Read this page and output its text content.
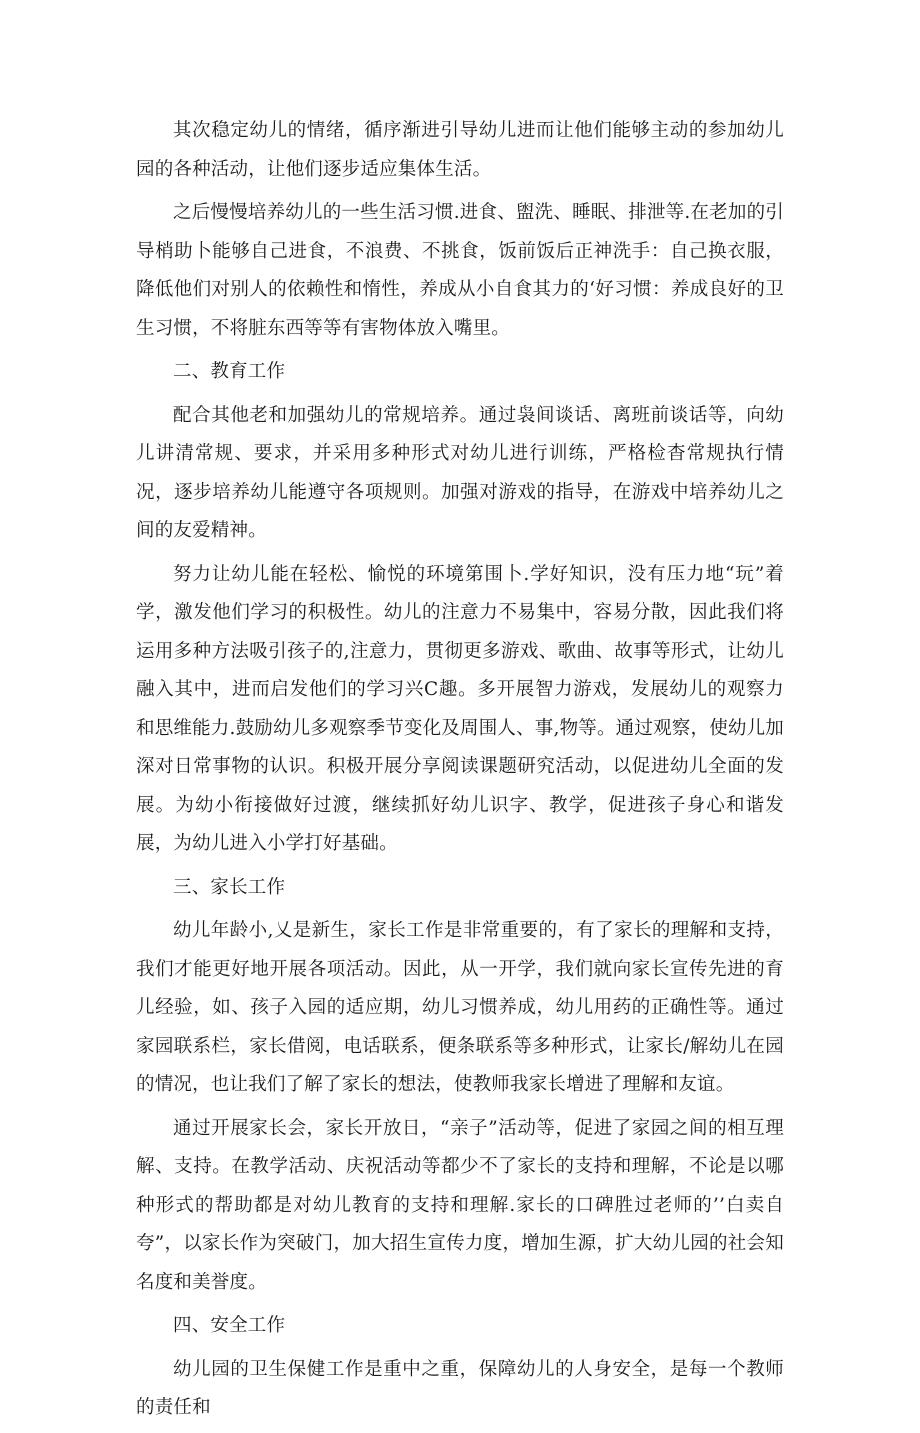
其次稳定幼儿的情绪，循序渐进引导幼儿进而让他们能够主动的参加幼儿园的各种活动，让他们逐步适应集体生活。

之后慢慢培养幼儿的一些生活习惯.进食、盥洗、睡眠、排泄等.在老加的引导梢助卜能够自己进食，不浪费、不挑食，饭前饭后正神洗手：自己换衣服，降低他们对别人的依赖性和惰性，养成从小自食其力的‘好习惯：养成良好的卫生习惯，不将脏东西等等有害物体放入嘴里。

二、教育工作

配合其他老和加强幼儿的常规培养。通过袅间谈话、离班前谈话等，向幼儿讲清常规、要求，并采用多种形式对幼儿进行训练，严格检杳常规执行情况，逐步培养幼儿能遵守各项规则。加强对游戏的指导，在游戏中培养幼儿之间的友爱精神。

努力让幼儿能在轻松、愉悦的环境第围卜.学好知识，没有压力地“玩”着学，激发他们学习的积极性。幼儿的注意力不易集中，容易分散，因此我们将运用多种方法吸引孩子的,注意力，贯彻更多游戏、歌曲、故事等形式，让幼儿融入其中，进而启发他们的学习兴C趣。多开展智力游戏，发展幼儿的观察力和思维能力.鼓励幼儿多观察季节变化及周围人、事,物等。通过观察，使幼儿加深对日常事物的认识。积极开展分享阅读课题研究活动，以促进幼儿全面的发展。为幼小衔接做好过渡，继续抓好幼儿识字、教学，促进孩子身心和谐发展，为幼儿进入小学打好基础。

三、家长工作

幼儿年龄小,乂是新生，家长工作是非常重要的，有了家长的理解和支持，我们才能更好地开展各项活动。因此，从一开学，我们就向家长宣传先进的育儿经验，如、孩子入园的适应期，幼儿习惯养成，幼儿用药的正确性等。通过家园联系栏，家长借阅，电话联系，便条联系等多种形式，让家长/解幼儿在园的情况，也让我们了解了家长的想法，使教师我家长增进了理解和友谊。

通过开展家长会，家长开放日，“亲子”活动等，促进了家园之间的相互理解、支持。在教学活动、庆祝活动等都少不了家长的支持和理解，不论是以哪种形式的帮助都是对幼儿教育的支持和理解.家长的口碑胜过老师的’’白卖自夸”，以家长作为突破门，加大招生宣传力度，增加生源，扩大幼儿园的社会知名度和美誉度。

四、安全工作

幼儿园的卫生保健工作是重中之重，保障幼儿的人身安全，是每一个教师的责任和
